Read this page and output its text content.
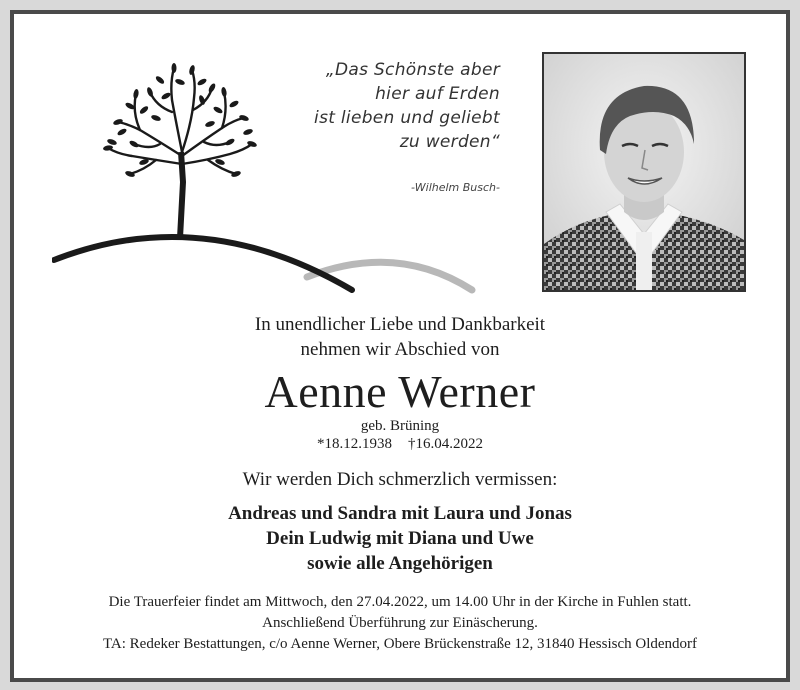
„Das Schönste aber
hier auf Erden
ist lieben und geliebt
zu werden“
-Wilhelm Busch-
In unendlicher Liebe und Dankbarkeit
nehmen wir Abschied von
Aenne Werner
geb. Brüning
*18.12.1938 †16.04.2022
Wir werden Dich schmerzlich vermissen:
Andreas und Sandra mit Laura und Jonas
Dein Ludwig mit Diana und Uwe
sowie alle Angehörigen
Die Trauerfeier findet am Mittwoch, den 27.04.2022, um 14.00 Uhr in der Kirche in Fuhlen statt.
Anschließend Überführung zur Einäscherung.
TA: Redeker Bestattungen, c/o Aenne Werner, Obere Brückenstraße 12, 31840 Hessisch Oldendorf
